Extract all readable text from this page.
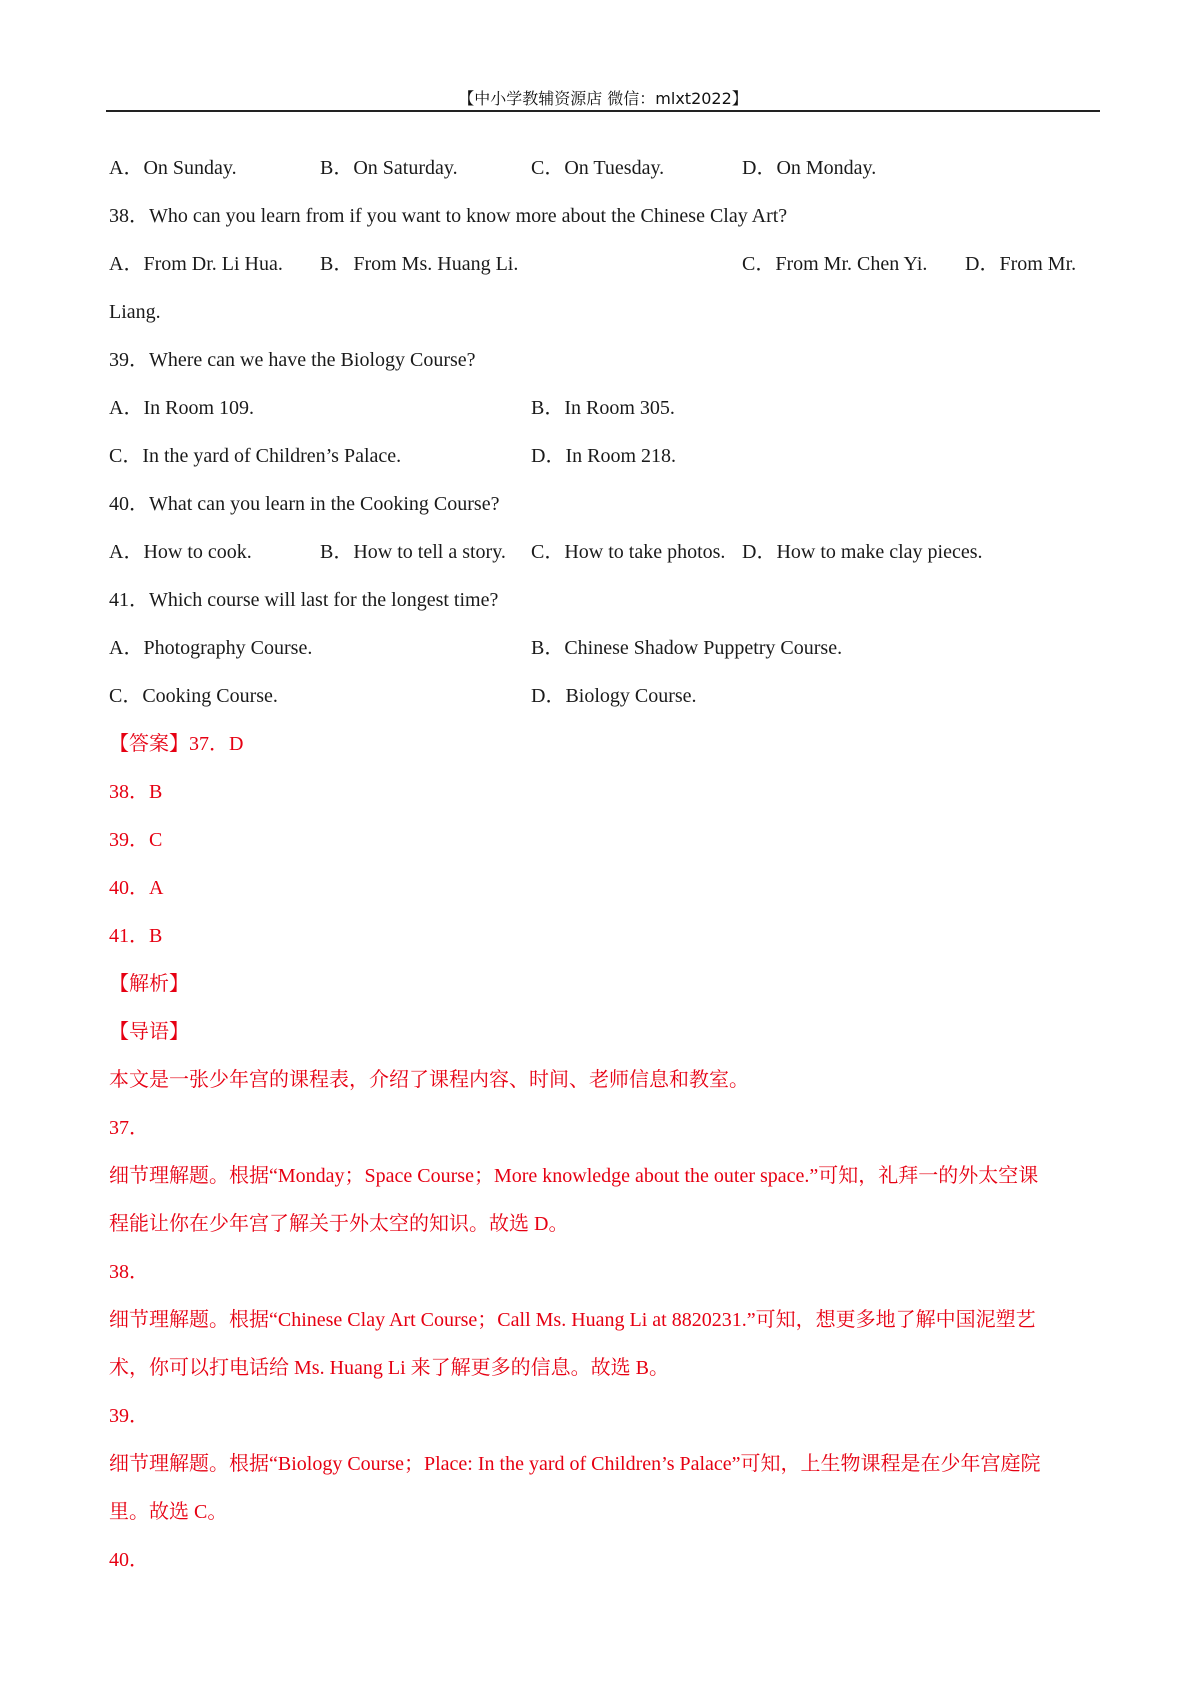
【中小学教辅资源店 微信：mlxt2022】
A．On Sunday.	B．On Saturday.	C．On Tuesday.	D．On Monday.
38．Who can you learn from if you want to know more about the Chinese Clay Art?
A．From Dr. Li Hua. B．From Ms. Huang Li.	C．From Mr. Chen Yi. D．From Mr.
Liang.
39．Where can we have the Biology Course?
A．In Room 109.	B．In Room 305.
C．In the yard of Children’s Palace.	D．In Room 218.
40．What can you learn in the Cooking Course?
A．How to cook.	B．How to tell a story. C．How to take photos. D．How to make clay pieces.
41．Which course will last for the longest time?
A．Photography Course.	B．Chinese Shadow Puppetry Course.
C．Cooking Course.	D．Biology Course.
【答案】37．D
38．B
39．C
40．A
41．B
【解析】
【导语】
本文是一张少年宫的课程表，介绍了课程内容、时间、老师信息和教室。
37．
细节理解题。根据“Monday；Space Course；More knowledge about the outer space.”可知，礼拜一的外太空课
程能让你在少年宫了解关于外太空的知识。故选 D。
38．
细节理解题。根据“Chinese Clay Art Course；Call Ms. Huang Li at 8820231.”可知，想更多地了解中国泥塑艺
术，你可以打电话给 Ms. Huang Li 来了解更多的信息。故选 B。
39．
细节理解题。根据“Biology Course；Place: In the yard of Children’s Palace”可知，上生物课程是在少年宫庭院
里。故选 C。
40．
